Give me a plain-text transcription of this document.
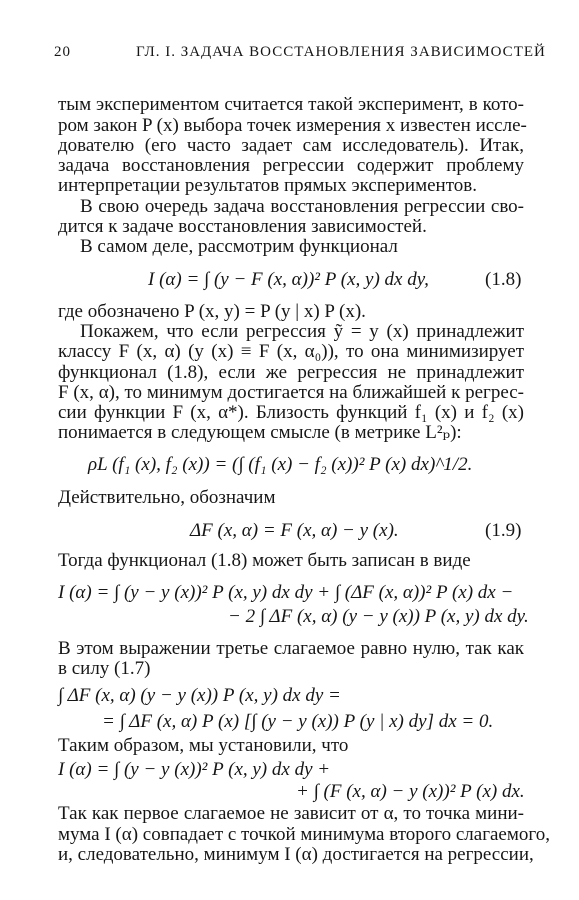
20	ГЛ. I. ЗАДАЧА ВОССТАНОВЛЕНИЯ ЗАВИСИМОСТЕЙ

тым экспериментом считается такой эксперимент, в кото-

ром закон P (x) выбора точек измерения x известен иссле-

дователю (его часто задает сам исследователь). Итак,

задача восстановления регрессии содержит проблему

интерпретации результатов прямых экспериментов.

В свою очередь задача восстановления регрессии сво-

дится к задаче восстановления зависимостей.

В самом деле, рассмотрим функционал

I (α) = ∫ (y − F (x, α))² P (x, y) dx dy,	(1.8)

где обозначено P (x, y) = P (y | x) P (x).

Покажем, что если регрессия ỹ = y (x) принадлежит

классу F (x, α) (y (x) ≡ F (x, α₀)), то она минимизирует

функционал (1.8), если же регрессия не принадлежит

F (x, α), то минимум достигается на ближайшей к регрес-

сии функции F (x, α*). Близость функций f₁ (x) и f₂ (x)

понимается в следующем смысле (в метрике L²ₚ):

ρL (f₁ (x), f₂ (x)) = (∫ (f₁ (x) − f₂ (x))² P (x) dx)^1/2.

Действительно, обозначим

ΔF (x, α) = F (x, α) − y (x).	(1.9)

Тогда функционал (1.8) может быть записан в виде

I (α) = ∫ (y − y (x))² P (x, y) dx dy + ∫ (ΔF (x, α))² P (x) dx −
− 2 ∫ ΔF (x, α) (y − y (x)) P (x, y) dx dy.

В этом выражении третье слагаемое равно нулю, так как

в силу (1.7)

∫ ΔF (x, α) (y − y (x)) P (x, y) dx dy =
= ∫ ΔF (x, α) P (x) [∫ (y − y (x)) P (y | x) dy] dx = 0.

Таким образом, мы установили, что

I (α) = ∫ (y − y (x))² P (x, y) dx dy +
+ ∫ (F (x, α) − y (x))² P (x) dx.

Так как первое слагаемое не зависит от α, то точка мини-

мума I (α) совпадает с точкой минимума второго слагаемого,

и, следовательно, минимум I (α) достигается на регрессии,
